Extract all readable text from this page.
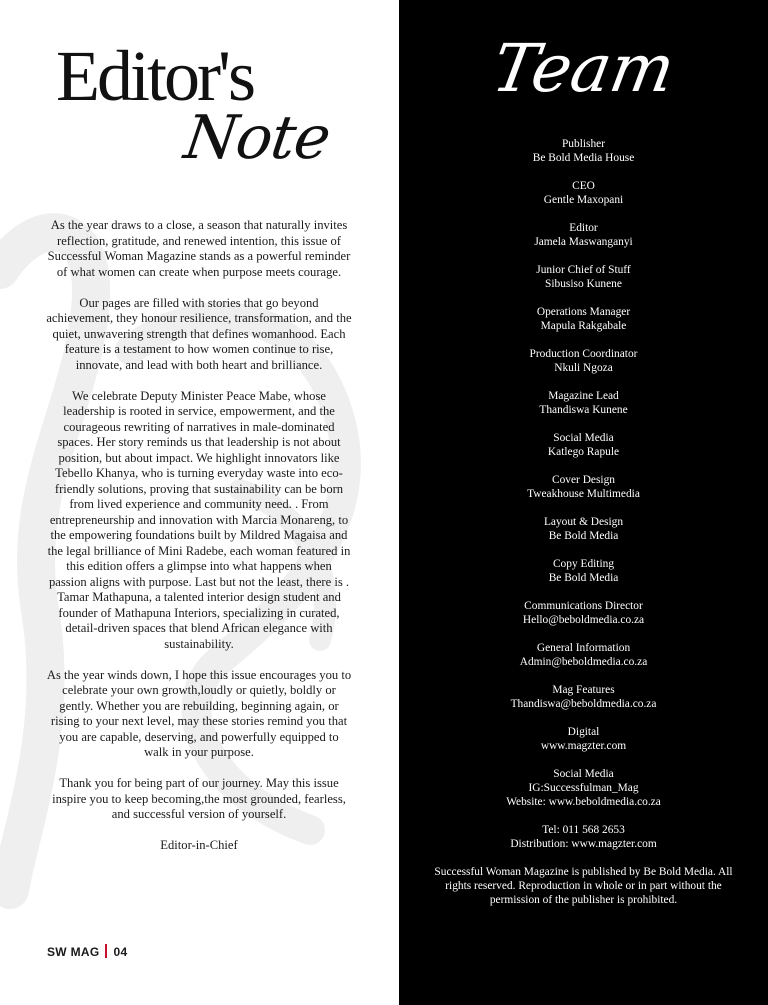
Editor's
Note

As the year draws to a close, a season that naturally invites reflection, gratitude, and renewed intention, this issue of Successful Woman Magazine stands as a powerful reminder of what women can create when purpose meets courage.

Our pages are filled with stories that go beyond achievement, they honour resilience, transformation, and the quiet, unwavering strength that defines womanhood. Each feature is a testament to how women continue to rise, innovate, and lead with both heart and brilliance.

We celebrate Deputy Minister Peace Mabe, whose leadership is rooted in service, empowerment, and the courageous rewriting of narratives in male-dominated spaces. Her story reminds us that leadership is not about position, but about impact. We highlight innovators like Tebello Khanya, who is turning everyday waste into eco-friendly solutions, proving that sustainability can be born from lived experience and community need. . From entrepreneurship and innovation with Marcia Monareng, to the empowering foundations built by Mildred Magaisa and the legal brilliance of Mini Radebe, each woman featured in this edition offers a glimpse into what happens when passion aligns with purpose. Last but not the least, there is . Tamar Mathapuna, a talented interior design student and founder of Mathapuna Interiors, specializing in curated, detail-driven spaces that blend African elegance with sustainability.

As the year winds down, I hope this issue encourages you to celebrate your own growth,loudly or quietly, boldly or gently. Whether you are rebuilding, beginning again, or rising to your next level, may these stories remind you that you are capable, deserving, and powerfully equipped to walk in your purpose.

Thank you for being part of our journey. May this issue inspire you to keep becoming,the most grounded, fearless, and successful version of yourself.

Editor-in-Chief

SW MAG 04
Team
Publisher
Be Bold Media House
CEO
Gentle Maxopani
Editor
Jamela Maswanganyi
Junior Chief of Stuff
Sibusiso Kunene
Operations Manager
Mapula Rakgabale
Production Coordinator
Nkuli Ngoza
Magazine Lead
Thandiswa Kunene
Social Media
Katlego Rapule
Cover Design
Tweakhouse Multimedia
Layout & Design
Be Bold Media
Copy Editing
Be Bold Media
Communications Director
Hello@beboldmedia.co.za
General Information
Admin@beboldmedia.co.za
Mag Features
Thandiswa@beboldmedia.co.za
Digital
www.magzter.com
Social Media
IG:Successfulman_Mag
Website: www.beboldmedia.co.za
Tel: 011 568 2653
Distribution: www.magzter.com
Successful Woman Magazine is published by Be Bold Media. All rights reserved. Reproduction in whole or in part without the permission of the publisher is prohibited.
